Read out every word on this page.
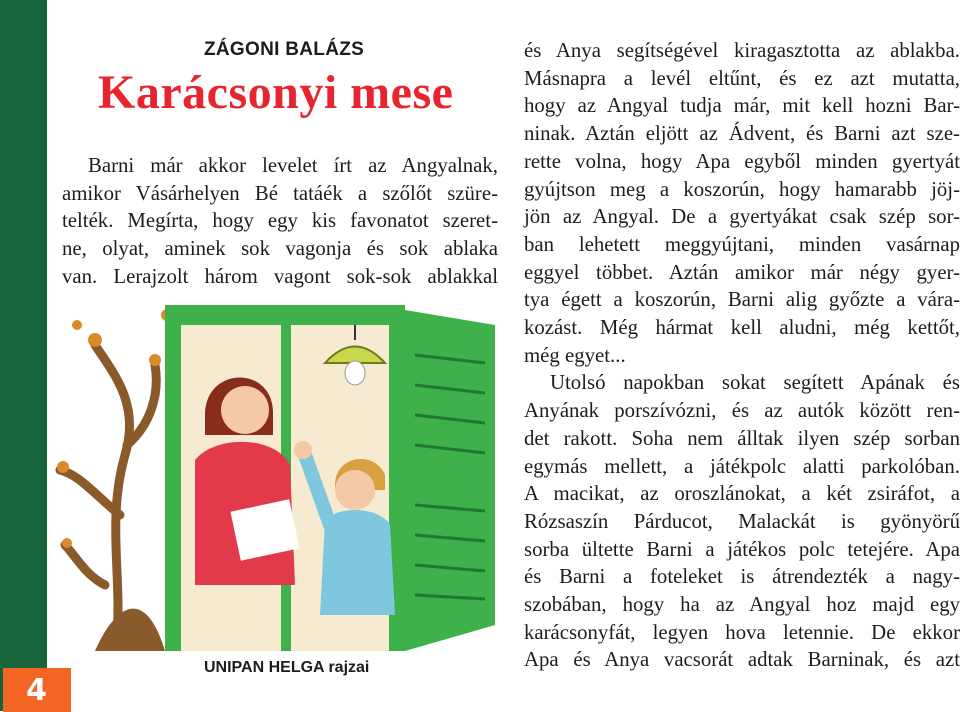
4
ZÁGONI BALÁZS
Karácsonyi mese

Barni már akkor levelet írt az Angyalnak,
amikor Vásárhelyen Bé tatáék a szőlőt szüre-
telték. Megírta, hogy egy kis favonatot szeret-
ne, olyat, aminek sok vagonja és sok ablaka
van. Lerajzolt három vagont sok-sok ablakkal

UNIPAN HELGA rajzai

és Anya segítségével kiragasztotta az ablakba.
Másnapra a levél eltűnt, és ez azt mutatta,
hogy az Angyal tudja már, mit kell hozni Bar-
ninak. Aztán eljött az Ádvent, és Barni azt sze-
rette volna, hogy Apa egyből minden gyertyát
gyújtson meg a koszorún, hogy hamarabb jöj-
jön az Angyal. De a gyertyákat csak szép sor-
ban lehetett meggyújtani, minden vasárnap
eggyel többet. Aztán amikor már négy gyer-
tya égett a koszorún, Barni alig győzte a vára-
kozást. Még hármat kell aludni, még kettőt,
még egyet...

Utolsó napokban sokat segített Apának és
Anyának porszívózni, és az autók között ren-
det rakott. Soha nem álltak ilyen szép sorban
egymás mellett, a játékpolc alatti parkolóban.
A macikat, az oroszlánokat, a két zsiráfot, a
Rózsaszín Párducot, Malackát is gyönyörű
sorba ültette Barni a játékos polc tetejére. Apa
és Barni a foteleket is átrendezték a nagy-
szobában, hogy ha az Angyal hoz majd egy
karácsonyfát, legyen hova letennie. De ekkor
Apa és Anya vacsorát adtak Barninak, és azt
